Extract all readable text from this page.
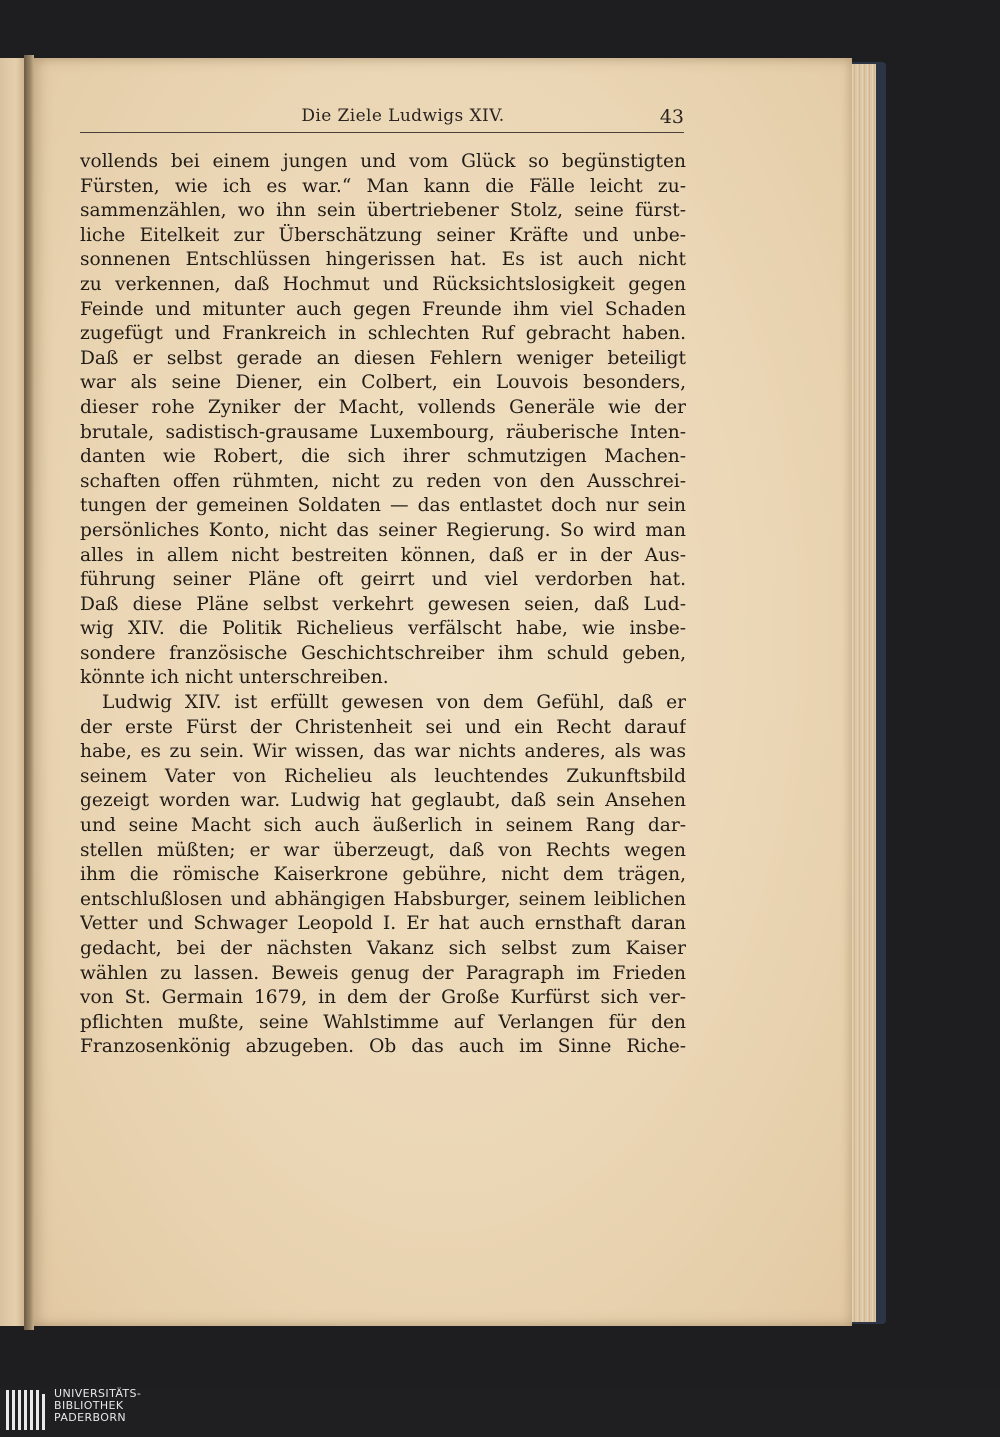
Die Ziele Ludwigs XIV.	43
vollends bei einem jungen und vom Glück so begünstigten
Fürsten, wie ich es war.“ Man kann die Fälle leicht zu-
sammenzählen, wo ihn sein übertriebener Stolz, seine fürst-
liche Eitelkeit zur Überschätzung seiner Kräfte und unbe-
sonnenen Entschlüssen hingerissen hat. Es ist auch nicht
zu verkennen, daß Hochmut und Rücksichtslosigkeit gegen
Feinde und mitunter auch gegen Freunde ihm viel Schaden
zugefügt und Frankreich in schlechten Ruf gebracht haben.
Daß er selbst gerade an diesen Fehlern weniger beteiligt
war als seine Diener, ein Colbert, ein Louvois besonders,
dieser rohe Zyniker der Macht, vollends Generäle wie der
brutale, sadistisch-grausame Luxembourg, räuberische Inten-
danten wie Robert, die sich ihrer schmutzigen Machen-
schaften offen rühmten, nicht zu reden von den Ausschrei-
tungen der gemeinen Soldaten — das entlastet doch nur sein
persönliches Konto, nicht das seiner Regierung. So wird man
alles in allem nicht bestreiten können, daß er in der Aus-
führung seiner Pläne oft geirrt und viel verdorben hat.
Daß diese Pläne selbst verkehrt gewesen seien, daß Lud-
wig XIV. die Politik Richelieus verfälscht habe, wie insbe-
sondere französische Geschichtschreiber ihm schuld geben,
könnte ich nicht unterschreiben.
Ludwig XIV. ist erfüllt gewesen von dem Gefühl, daß er
der erste Fürst der Christenheit sei und ein Recht darauf
habe, es zu sein. Wir wissen, das war nichts anderes, als was
seinem Vater von Richelieu als leuchtendes Zukunftsbild
gezeigt worden war. Ludwig hat geglaubt, daß sein Ansehen
und seine Macht sich auch äußerlich in seinem Rang dar-
stellen müßten; er war überzeugt, daß von Rechts wegen
ihm die römische Kaiserkrone gebühre, nicht dem trägen,
entschlußlosen und abhängigen Habsburger, seinem leiblichen
Vetter und Schwager Leopold I. Er hat auch ernsthaft daran
gedacht, bei der nächsten Vakanz sich selbst zum Kaiser
wählen zu lassen. Beweis genug der Paragraph im Frieden
von St. Germain 1679, in dem der Große Kurfürst sich ver-
pflichten mußte, seine Wahlstimme auf Verlangen für den
Franzosenkönig abzugeben. Ob das auch im Sinne Riche-
UNIVERSITÄTS-
BIBLIOTHEK
PADERBORN
